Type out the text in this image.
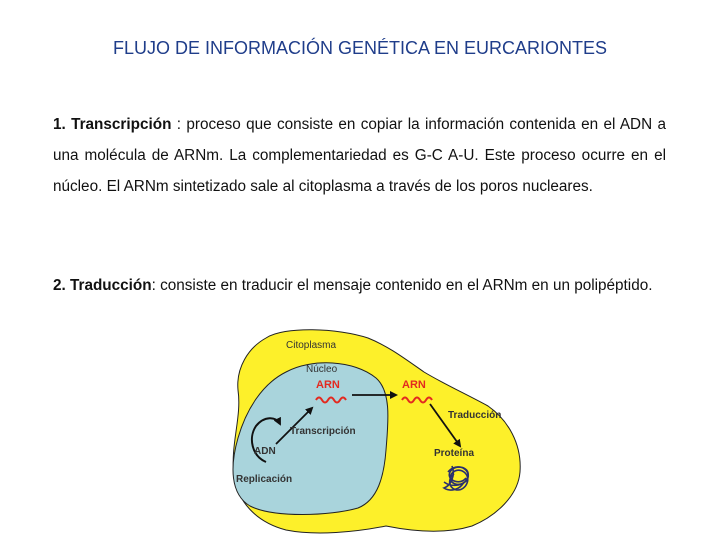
FLUJO DE INFORMACIÓN GENÉTICA EN EURCARIONTES

1. Transcripción : proceso que consiste en copiar la información contenida en el ADN a una molécula de ARNm. La complementariedad es G-C A-U. Este proceso ocurre en el núcleo. El ARNm sintetizado sale al citoplasma a través de los poros nucleares.

2. Traducción: consiste en traducir el mensaje contenido en el ARNm en un polipéptido.

Citoplasma
Núcleo
ARN	ARN
Transcripción
Traducción
ADN
Replicación
Proteína
